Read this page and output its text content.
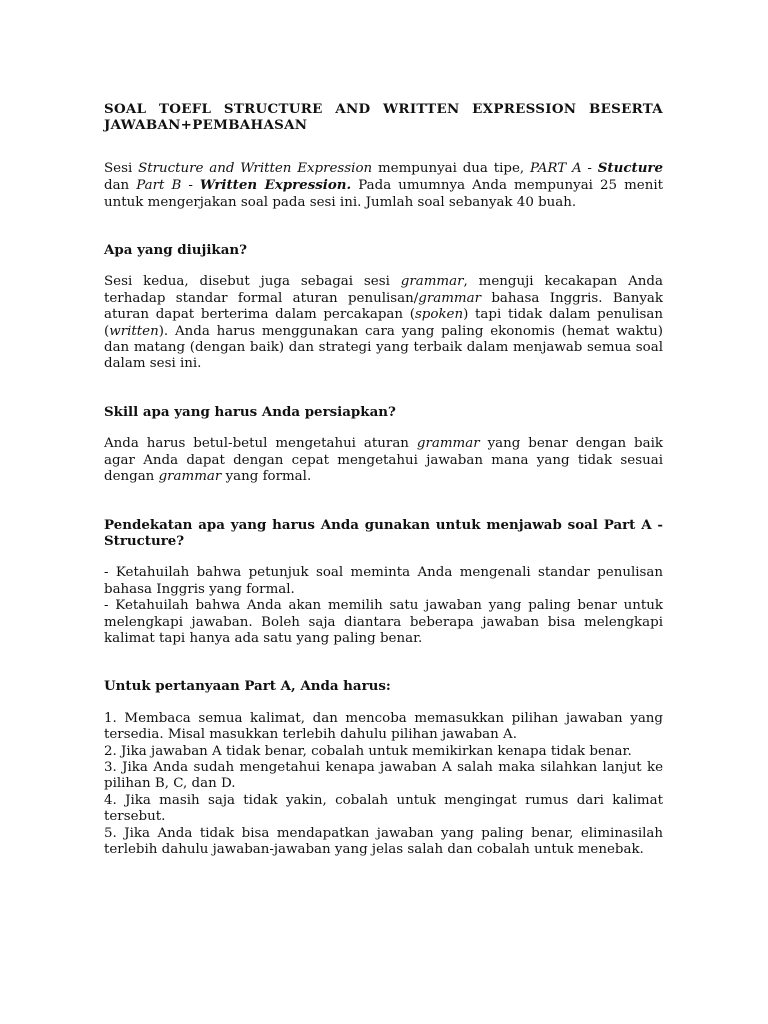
SOAL TOEFL STRUCTURE AND WRITTEN EXPRESSION BESERTA
JAWABAN+PEMBAHASAN

Sesi Structure and Written Expression mempunyai dua tipe, PART A - Stucture dan Part B - Written Expression. Pada umumnya Anda mempunyai 25 menit untuk mengerjakan soal pada sesi ini. Jumlah soal sebanyak 40 buah.

Apa yang diujikan?

Sesi kedua, disebut juga sebagai sesi grammar, menguji kecakapan Anda terhadap standar formal aturan penulisan/grammar bahasa Inggris. Banyak aturan dapat berterima dalam percakapan (spoken) tapi tidak dalam penulisan (written). Anda harus menggunakan cara yang paling ekonomis (hemat waktu) dan matang (dengan baik) dan strategi yang terbaik dalam menjawab semua soal dalam sesi ini.

Skill apa yang harus Anda persiapkan?

Anda harus betul-betul mengetahui aturan grammar yang benar dengan baik agar Anda dapat dengan cepat mengetahui jawaban mana yang tidak sesuai dengan grammar yang formal.

Pendekatan apa yang harus Anda gunakan untuk menjawab soal Part A - Structure?

- Ketahuilah bahwa petunjuk soal meminta Anda mengenali standar penulisan bahasa Inggris yang formal.

- Ketahuilah bahwa Anda akan memilih satu jawaban yang paling benar untuk melengkapi jawaban. Boleh saja diantara beberapa jawaban bisa melengkapi kalimat tapi hanya ada satu yang paling benar.

Untuk pertanyaan Part A, Anda harus:

1. Membaca semua kalimat, dan mencoba memasukkan pilihan jawaban yang tersedia. Misal masukkan terlebih dahulu pilihan jawaban A.

2. Jika jawaban A tidak benar, cobalah untuk memikirkan kenapa tidak benar.

3. Jika Anda sudah mengetahui kenapa jawaban A salah maka silahkan lanjut ke pilihan B, C, dan D.

4. Jika masih saja tidak yakin, cobalah untuk mengingat rumus dari kalimat tersebut.

5. Jika Anda tidak bisa mendapatkan jawaban yang paling benar, eliminasilah terlebih dahulu jawaban-jawaban yang jelas salah dan cobalah untuk menebak.
